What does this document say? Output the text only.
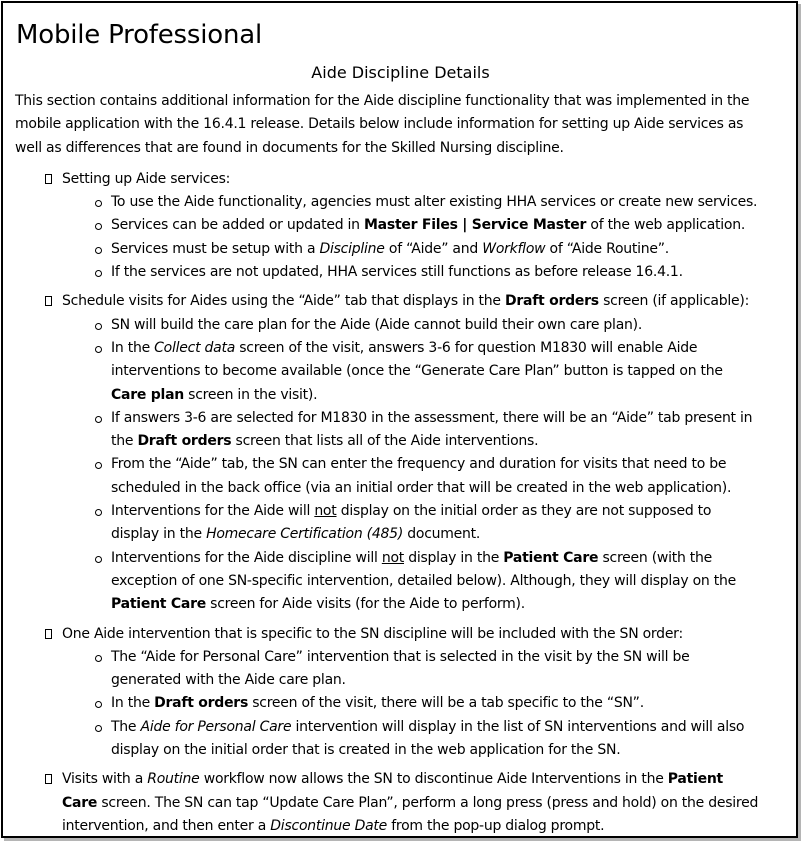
Mobile Professional
Aide Discipline Details
This section contains additional information for the Aide discipline functionality that was implemented in the
mobile application with the 16.4.1 release. Details below include information for setting up Aide services as
well as differences that are found in documents for the Skilled Nursing discipline.
Setting up Aide services:
To use the Aide functionality, agencies must alter existing HHA services or create new services.
Services can be added or updated in Master Files | Service Master of the web application.
Services must be setup with a Discipline of “Aide” and Workflow of “Aide Routine”.
If the services are not updated, HHA services still functions as before release 16.4.1.
Schedule visits for Aides using the “Aide” tab that displays in the Draft orders screen (if applicable):
SN will build the care plan for the Aide (Aide cannot build their own care plan).
In the Collect data screen of the visit, answers 3-6 for question M1830 will enable Aide
interventions to become available (once the “Generate Care Plan” button is tapped on the
Care plan screen in the visit).
If answers 3-6 are selected for M1830 in the assessment, there will be an “Aide” tab present in
the Draft orders screen that lists all of the Aide interventions.
From the “Aide” tab, the SN can enter the frequency and duration for visits that need to be
scheduled in the back office (via an initial order that will be created in the web application).
Interventions for the Aide will not display on the initial order as they are not supposed to
display in the Homecare Certification (485) document.
Interventions for the Aide discipline will not display in the Patient Care screen (with the
exception of one SN-specific intervention, detailed below). Although, they will display on the
Patient Care screen for Aide visits (for the Aide to perform).
One Aide intervention that is specific to the SN discipline will be included with the SN order:
The “Aide for Personal Care” intervention that is selected in the visit by the SN will be
generated with the Aide care plan.
In the Draft orders screen of the visit, there will be a tab specific to the “SN”.
The Aide for Personal Care intervention will display in the list of SN interventions and will also
display on the initial order that is created in the web application for the SN.
Visits with a Routine workflow now allows the SN to discontinue Aide Interventions in the Patient
Care screen. The SN can tap “Update Care Plan”, perform a long press (press and hold) on the desired
intervention, and then enter a Discontinue Date from the pop-up dialog prompt.
